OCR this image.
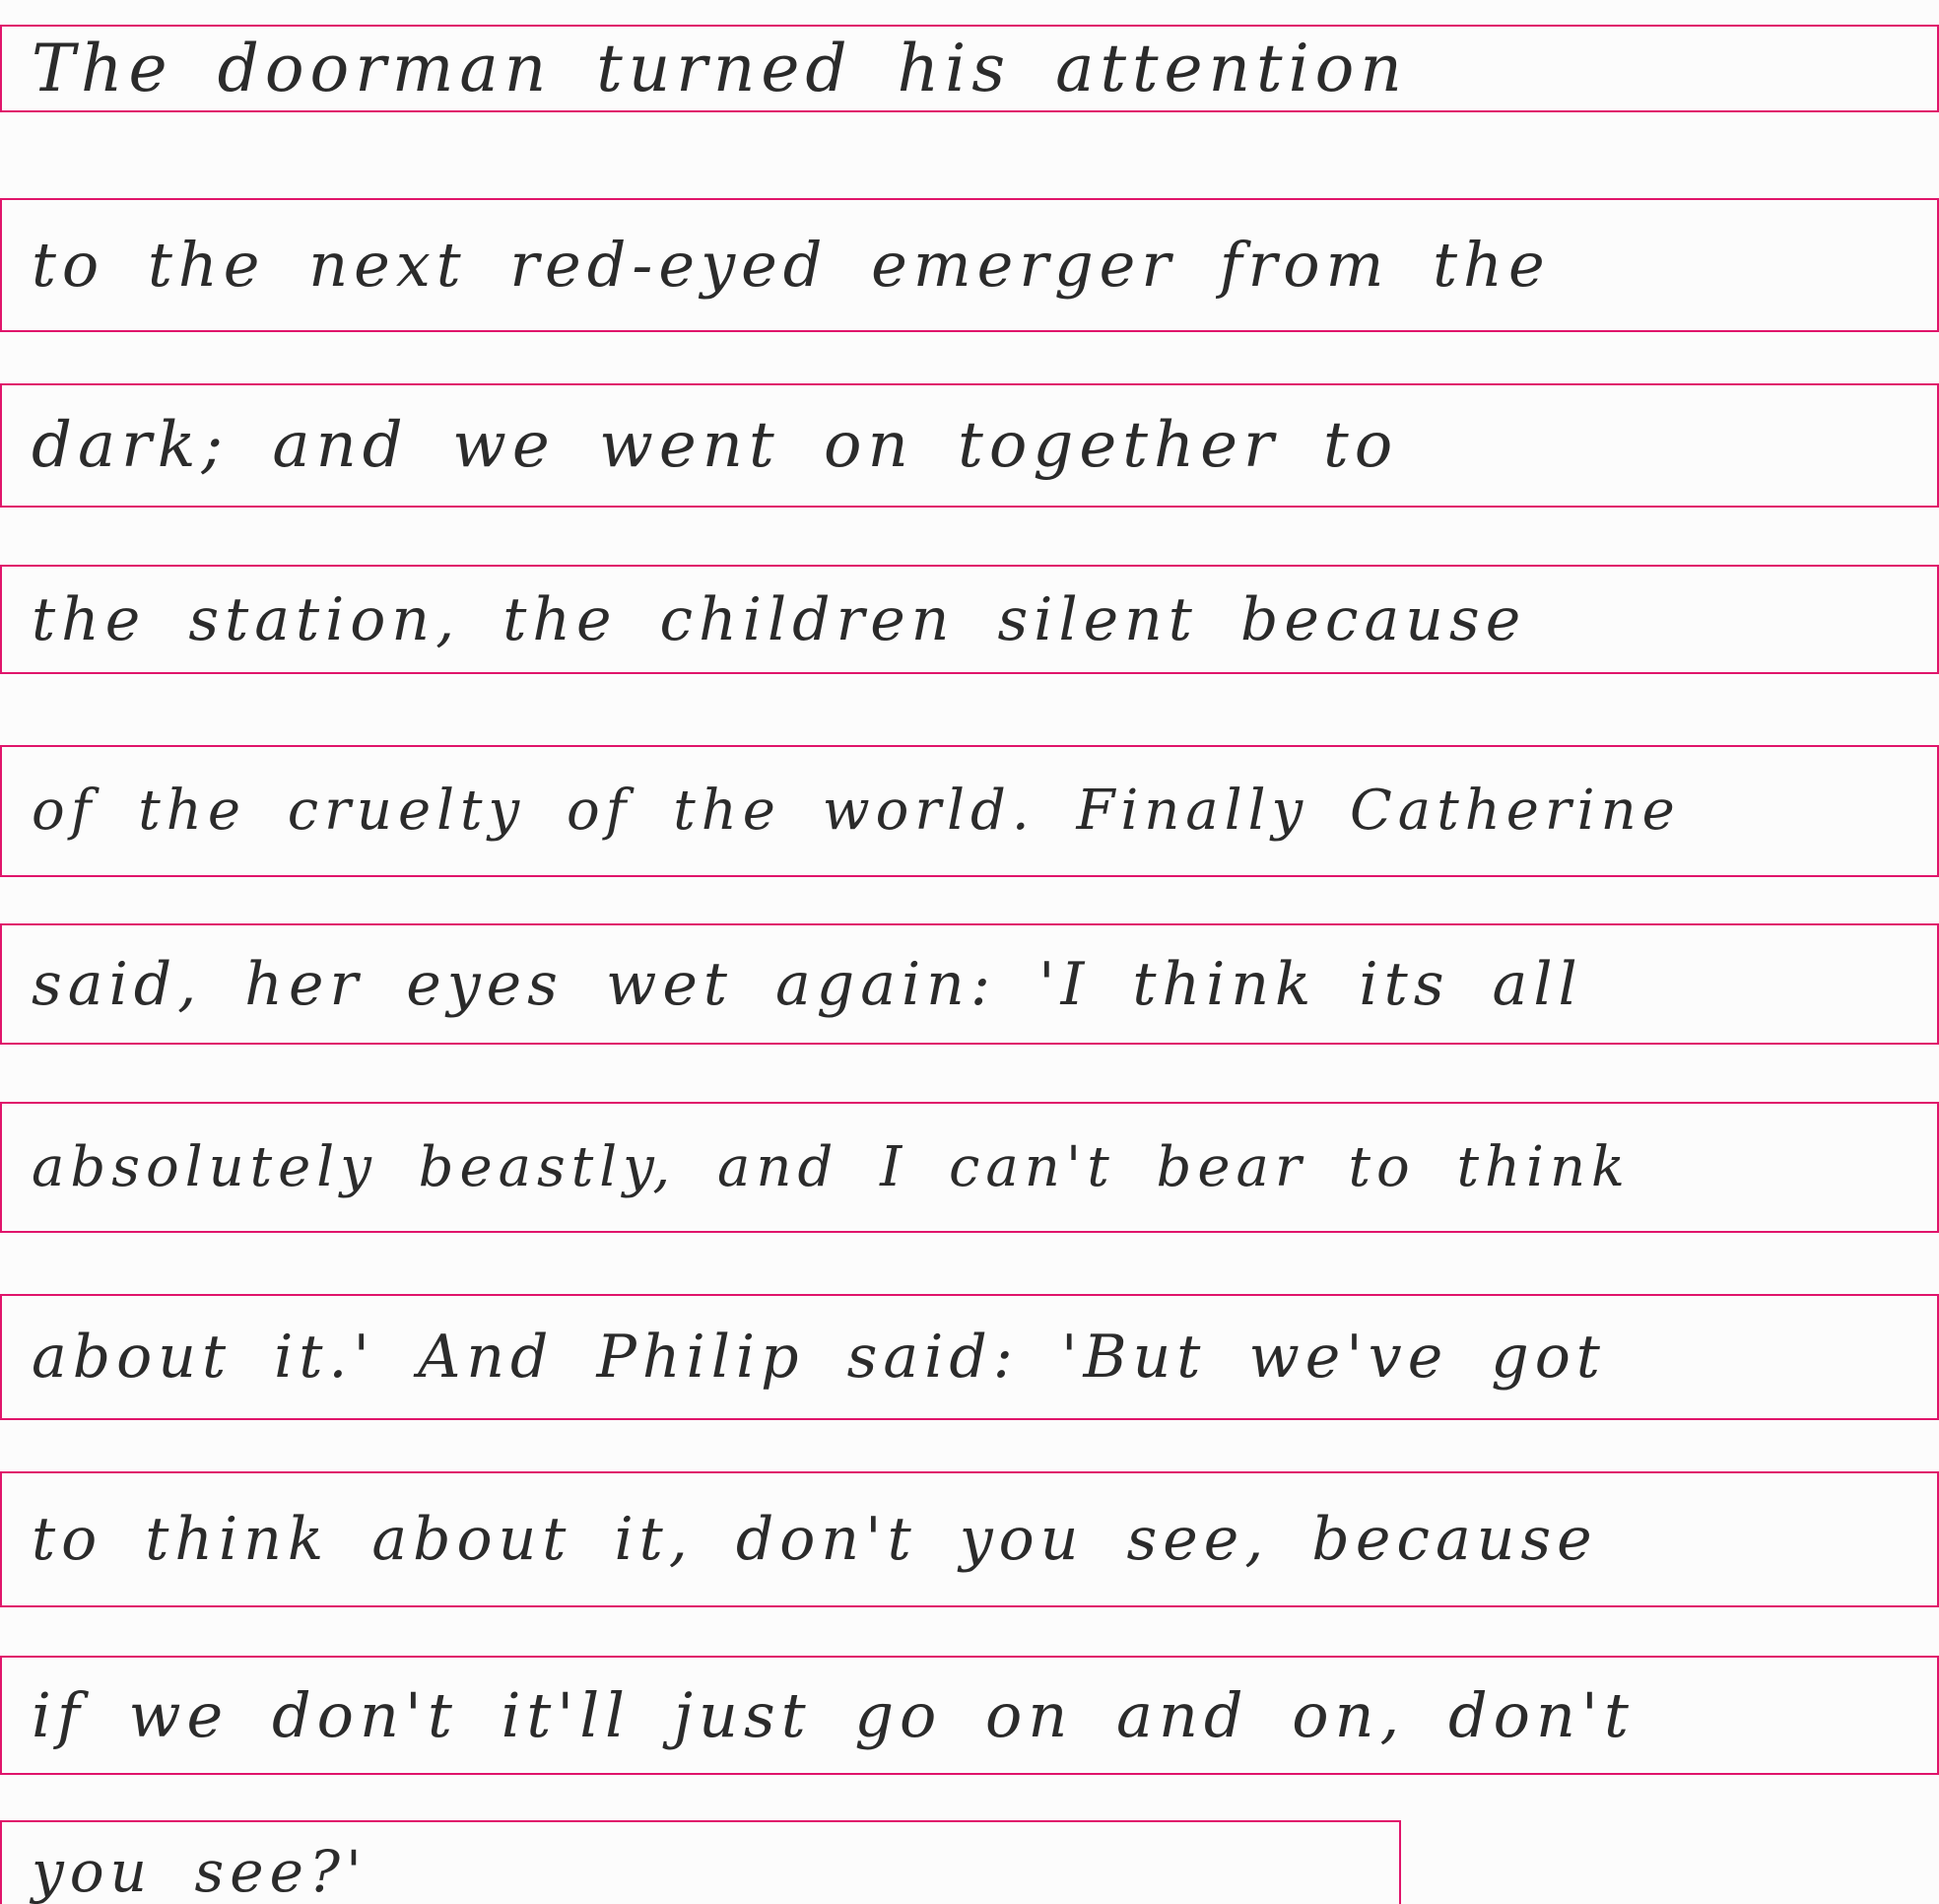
The doorman turned his attention
to the next red-eyed emerger from the
dark; and we went on together to
the station, the children silent because
of the cruelty of the world. Finally Catherine
said, her eyes wet again: 'I think its all
absolutely beastly, and I can't bear to think
about it.' And Philip said: 'But we've got
to think about it, don't you see, because
if we don't it'll just go on and on, don't
you see?'
